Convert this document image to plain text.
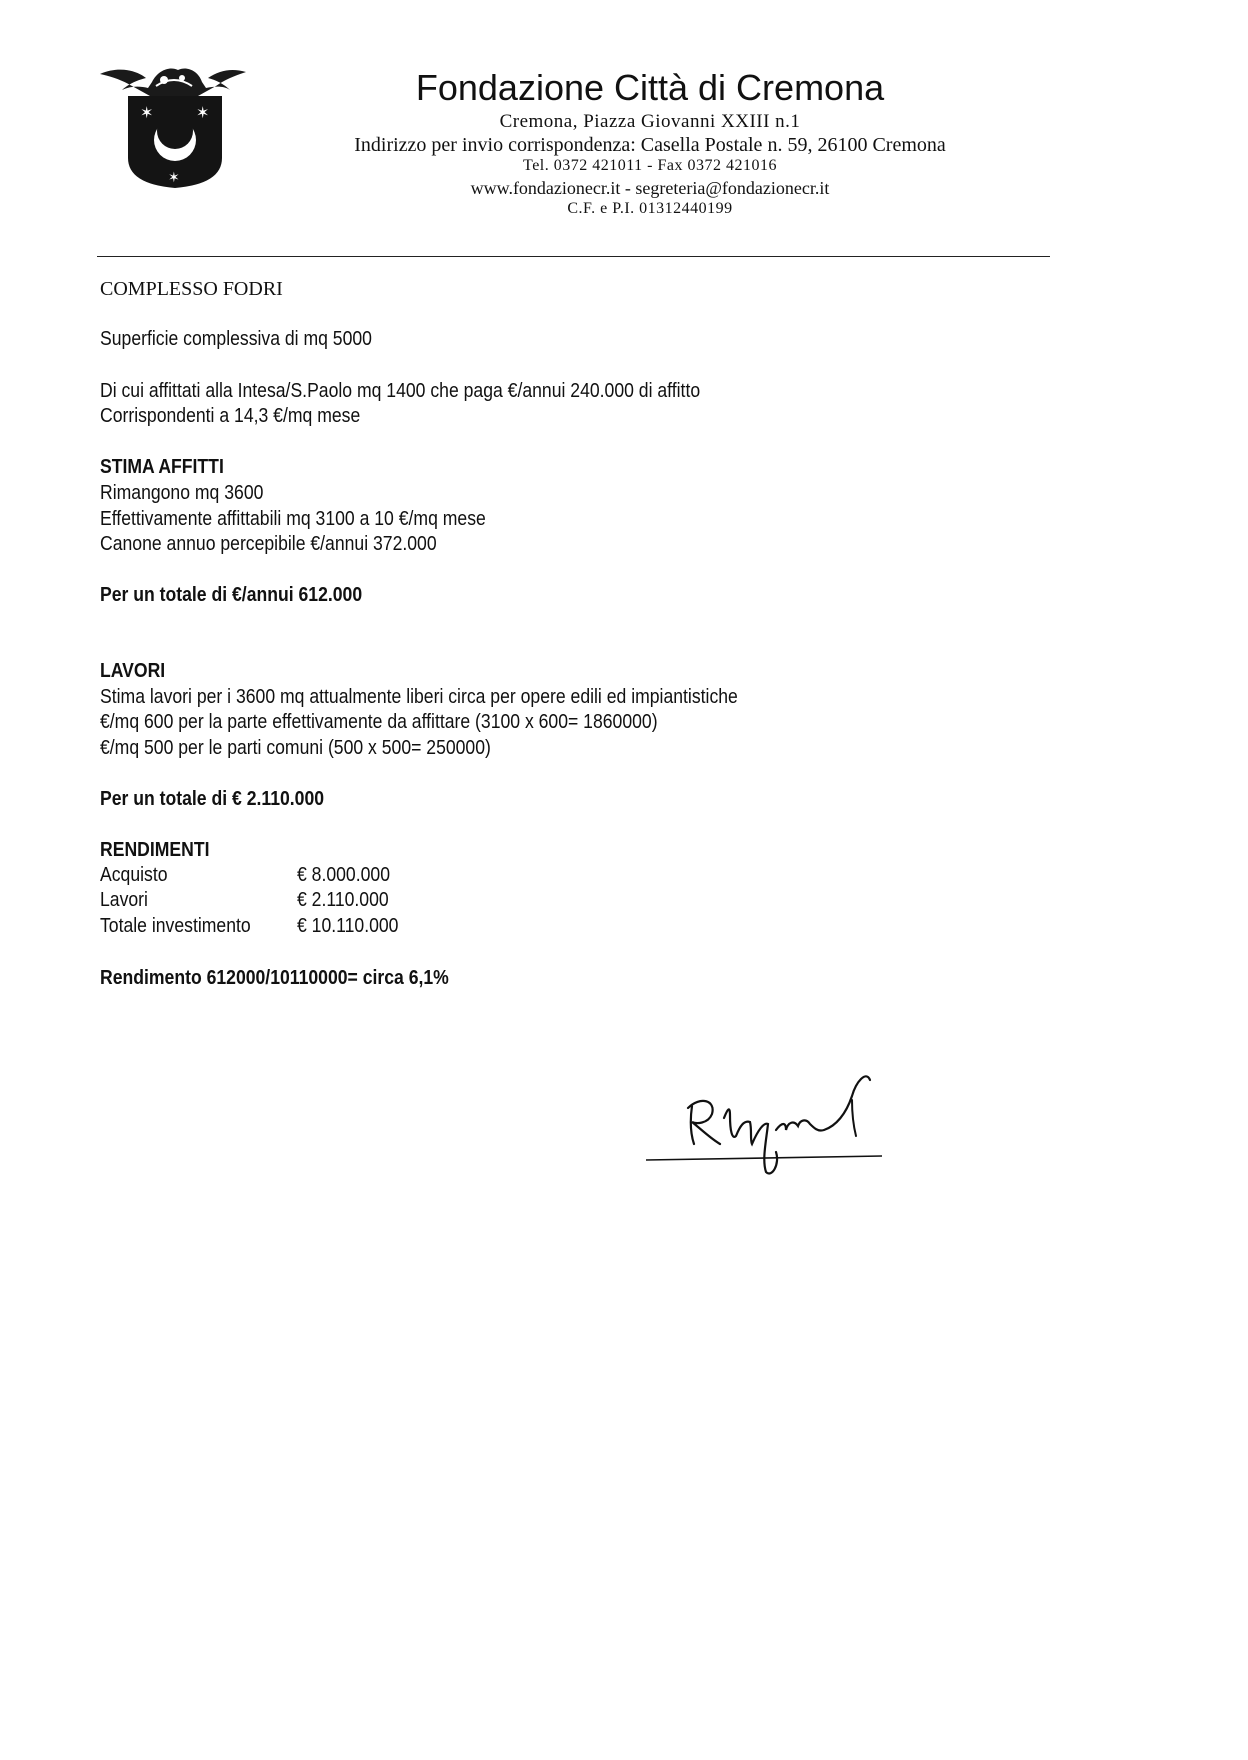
✶	✶
✶
Fondazione Città di Cremona
Cremona, Piazza Giovanni XXIII n.1
Indirizzo per invio corrispondenza: Casella Postale n. 59, 26100 Cremona
Tel. 0372 421011 - Fax 0372 421016
www.fondazionecr.it - segreteria@fondazionecr.it
C.F. e P.I. 01312440199
COMPLESSO FODRI
Superficie complessiva di mq 5000
Di cui affittati alla Intesa/S.Paolo mq 1400 che paga €/annui 240.000 di affitto
Corrispondenti a 14,3 €/mq mese
STIMA AFFITTI
Rimangono mq 3600
Effettivamente affittabili mq 3100 a 10 €/mq mese
Canone annuo percepibile €/annui 372.000
Per un totale di €/annui 612.000
LAVORI
Stima lavori per i 3600 mq attualmente liberi circa per opere edili ed impiantistiche
€/mq 600 per la parte effettivamente da affittare (3100 x 600= 1860000)
€/mq 500 per le parti comuni (500 x 500= 250000)
Per un totale di € 2.110.000
RENDIMENTI
Acquisto	€ 8.000.000
Lavori	€ 2.110.000
Totale investimento € 10.110.000
Rendimento 612000/10110000= circa 6,1%
